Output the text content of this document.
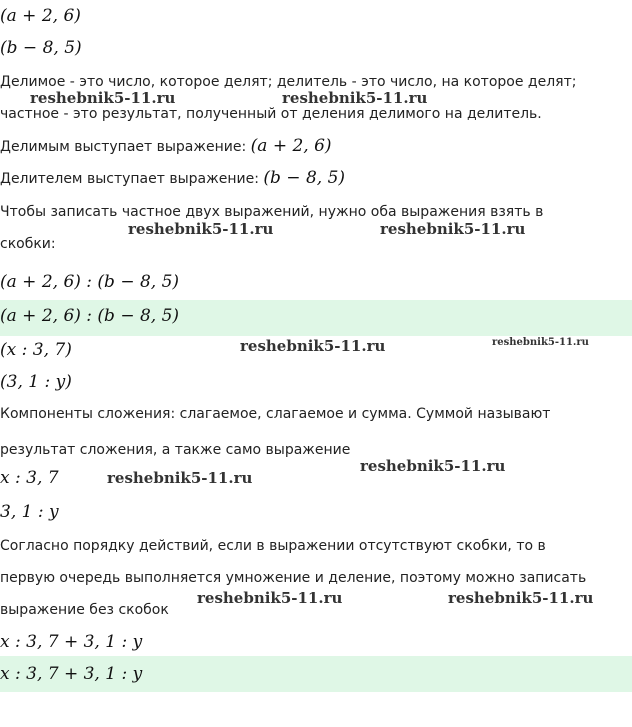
(a + 2, 6)
(b − 8, 5)
Делимое - это число, которое делят; делитель - это число, на которое делят;
частное - это результат, полученный от деления делимого на делитель.
Делимым выступает выражение: (a + 2, 6)
Делителем выступает выражение: (b − 8, 5)
Чтобы записать частное двух выражений, нужно оба выражения взять в
скобки:
(a + 2, 6) : (b − 8, 5)
(a + 2, 6) : (b − 8, 5)
(x : 3, 7)
(3, 1 : y)
Компоненты сложения: слагаемое, слагаемое и сумма. Суммой называют
результат сложения, а также само выражение
x : 3, 7
3, 1 : y
Согласно порядку действий, если в выражении отсутствуют скобки, то в
первую очередь выполняется умножение и деление, поэтому можно записать
выражение без скобок
x : 3, 7 + 3, 1 : y
x : 3, 7 + 3, 1 : y
reshebnik5-11.ru	reshebnik5-11.ru
reshebnik5-11.ru	reshebnik5-11.ru
reshebnik5-11.ru	reshebnik5-11.ru
reshebnik5-11.ru
reshebnik5-11.ru
reshebnik5-11.ru	reshebnik5-11.ru
